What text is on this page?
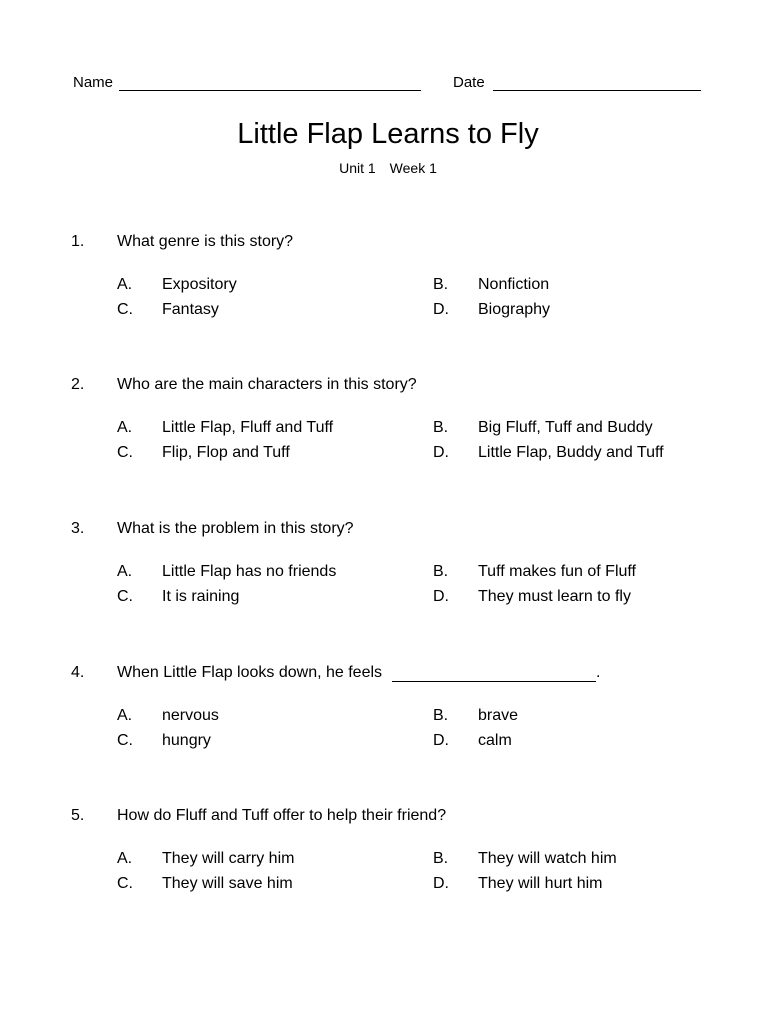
Name	Date
Little Flap Learns to Fly
Unit 1 Week 1
1. What genre is this story?
A. Expository	B. Nonfiction
C. Fantasy	D. Biography
2. Who are the main characters in this story?
A. Little Flap, Fluff and Tuff	B. Big Fluff, Tuff and Buddy
C. Flip, Flop and Tuff	D. Little Flap, Buddy and Tuff
3. What is the problem in this story?
A. Little Flap has no friends	B. Tuff makes fun of Fluff
C. It is raining	D. They must learn to fly
4. When Little Flap looks down, he feels	.
A. nervous	B. brave
C. hungry	D. calm
5. How do Fluff and Tuff offer to help their friend?
A. They will carry him	B. They will watch him
C. They will save him	D. They will hurt him
